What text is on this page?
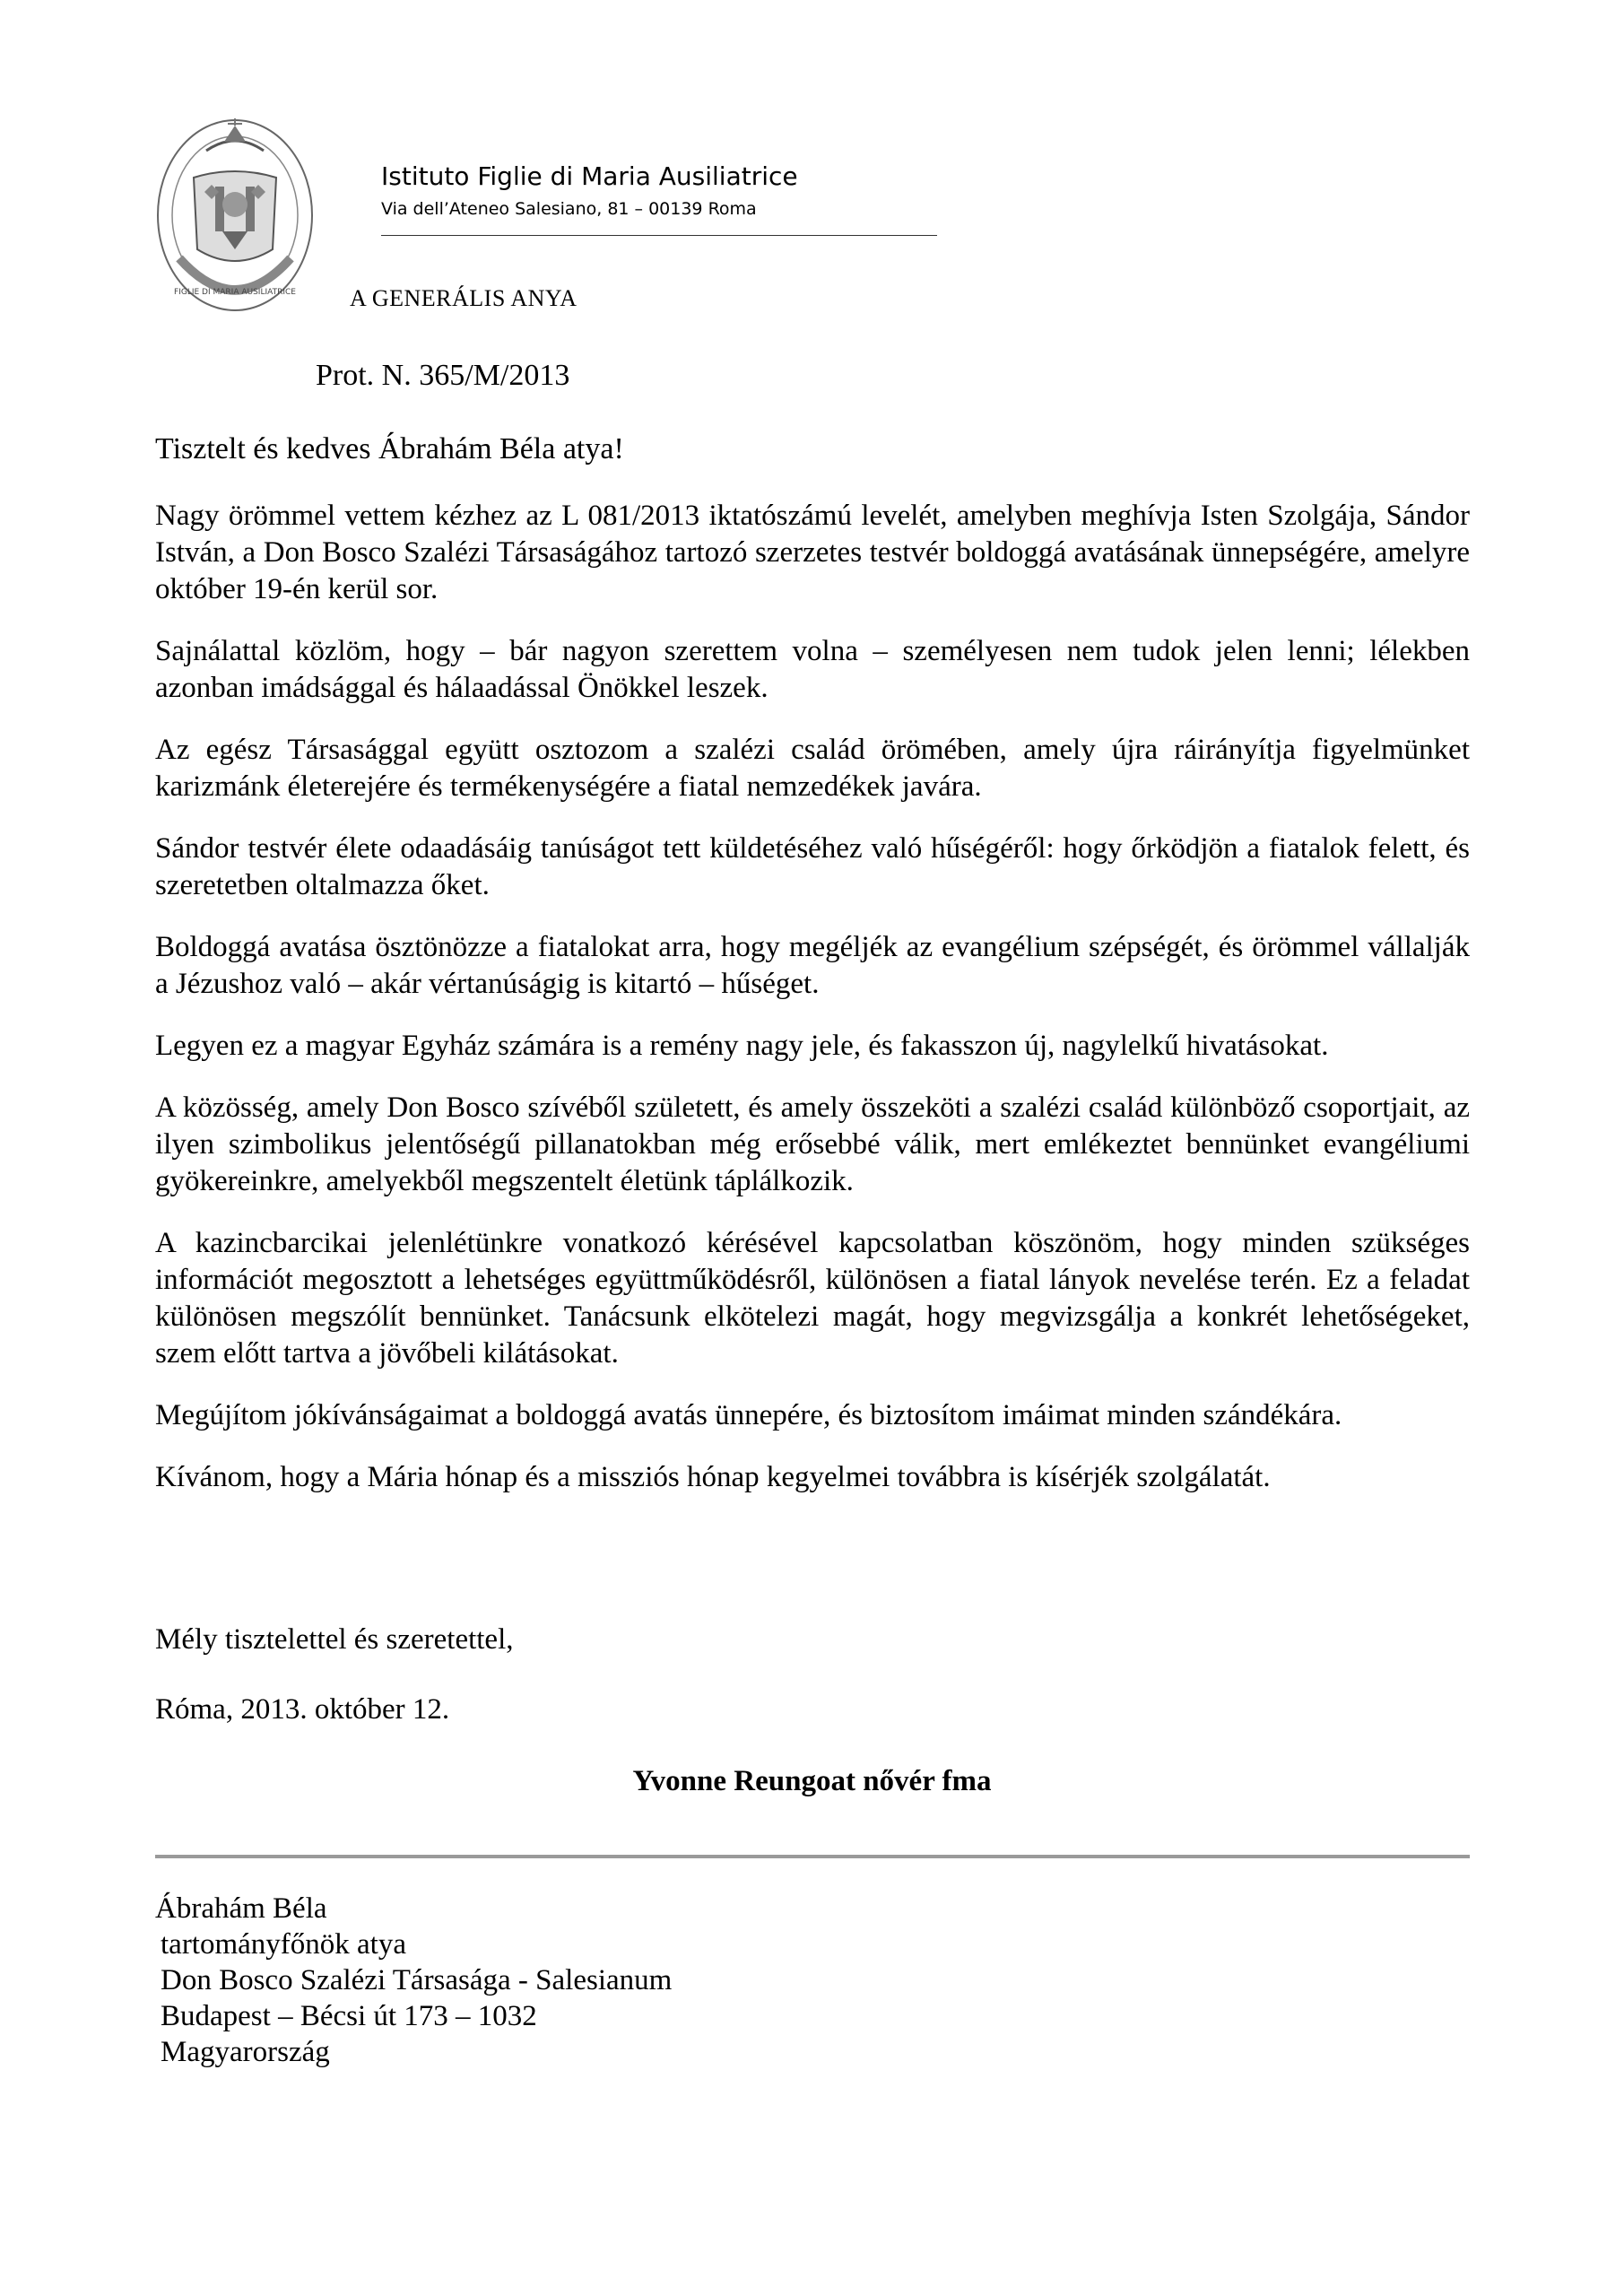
FIGLIE DI MARIA AUSILIATRICE
Istituto Figlie di Maria Ausiliatrice
Via dell’Ateneo Salesiano, 81 – 00139 Roma
A GENERÁLIS ANYA
Prot. N. 365/M/2013
Tisztelt és kedves Ábrahám Béla atya!

Nagy örömmel vettem kézhez az L 081/2013 iktatószámú levelét, amelyben meghívja Isten Szolgája, Sándor István, a Don Bosco Szalézi Társaságához tartozó szerzetes testvér boldoggá avatásának ünnepségére, amelyre október 19-én kerül sor.

Sajnálattal közlöm, hogy – bár nagyon szerettem volna – személyesen nem tudok jelen lenni; lélekben azonban imádsággal és hálaadással Önökkel leszek.

Az egész Társasággal együtt osztozom a szalézi család örömében, amely újra ráirányítja figyelmünket karizmánk életerejére és termékenységére a fiatal nemzedékek javára.

Sándor testvér élete odaadásáig tanúságot tett küldetéséhez való hűségéről: hogy őrködjön a fiatalok felett, és szeretetben oltalmazza őket.

Boldoggá avatása ösztönözze a fiatalokat arra, hogy megéljék az evangélium szépségét, és örömmel vállalják a Jézushoz való – akár vértanúságig is kitartó – hűséget.

Legyen ez a magyar Egyház számára is a remény nagy jele, és fakasszon új, nagylelkű hivatásokat.

A közösség, amely Don Bosco szívéből született, és amely összeköti a szalézi család különböző csoportjait, az ilyen szimbolikus jelentőségű pillanatokban még erősebbé válik, mert emlékeztet bennünket evangéliumi gyökereinkre, amelyekből megszentelt életünk táplálkozik.

A kazincbarcikai jelenlétünkre vonatkozó kérésével kapcsolatban köszönöm, hogy minden szükséges információt megosztott a lehetséges együttműködésről, különösen a fiatal lányok nevelése terén. Ez a feladat különösen megszólít bennünket. Tanácsunk elkötelezi magát, hogy megvizsgálja a konkrét lehetőségeket, szem előtt tartva a jövőbeli kilátásokat.

Megújítom jókívánságaimat a boldoggá avatás ünnepére, és biztosítom imáimat minden szándékára.

Kívánom, hogy a Mária hónap és a missziós hónap kegyelmei továbbra is kísérjék szolgálatát.

Mély tisztelettel és szeretettel,
Róma, 2013. október 12.
Yvonne Reungoat nővér fma
Ábrahám Béla
tartományfőnök atya
Don Bosco Szalézi Társasága - Salesianum
Budapest – Bécsi út 173 – 1032
Magyarország
